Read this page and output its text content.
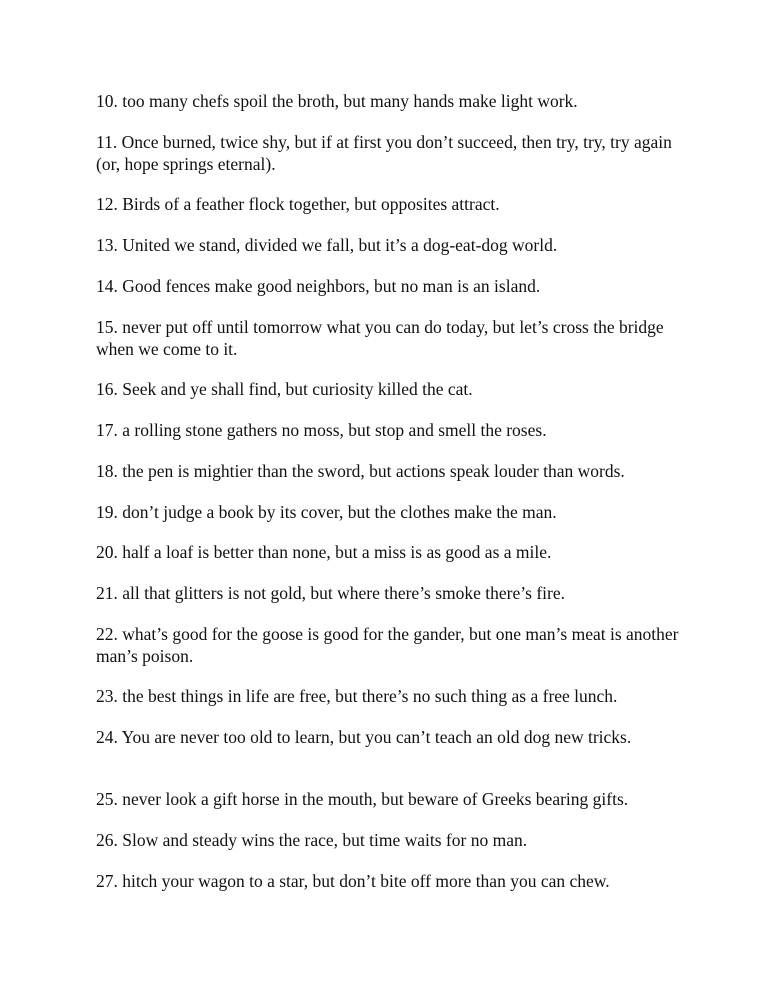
10. too many chefs spoil the broth, but many hands make light work.

11. Once burned, twice shy, but if at first you don’t succeed, then try, try, try again (or, hope springs eternal).

12. Birds of a feather flock together, but opposites attract.

13. United we stand, divided we fall, but it’s a dog-eat-dog world.

14. Good fences make good neighbors, but no man is an island.

15. never put off until tomorrow what you can do today, but let’s cross the bridge when we come to it.

16. Seek and ye shall find, but curiosity killed the cat.

17. a rolling stone gathers no moss, but stop and smell the roses.

18. the pen is mightier than the sword, but actions speak louder than words.

19. don’t judge a book by its cover, but the clothes make the man.

20. half a loaf is better than none, but a miss is as good as a mile.

21. all that glitters is not gold, but where there’s smoke there’s fire.

22. what’s good for the goose is good for the gander, but one man’s meat is another man’s poison.

23. the best things in life are free, but there’s no such thing as a free lunch.

24. You are never too old to learn, but you can’t teach an old dog new tricks.

25. never look a gift horse in the mouth, but beware of Greeks bearing gifts.

26. Slow and steady wins the race, but time waits for no man.

27. hitch your wagon to a star, but don’t bite off more than you can chew.
